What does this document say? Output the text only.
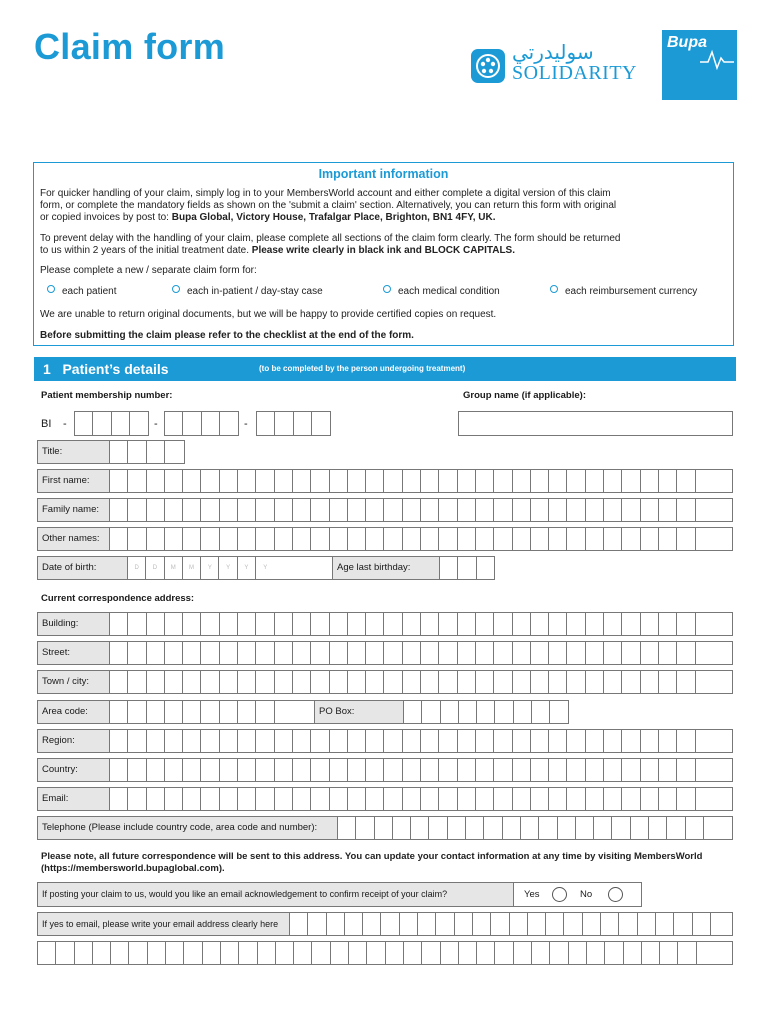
Claim form	سوليدرتي
SOLIDARITY
Bupa
Important information
For quicker handling of your claim, simply log in to your MembersWorld account and either complete a digital version of this claim
form, or complete the mandatory fields as shown on the 'submit a claim' section. Alternatively, you can return this form with original
or copied invoices by post to: Bupa Global, Victory House, Trafalgar Place, Brighton, BN1 4FY, UK.
To prevent delay with the handling of your claim, please complete all sections of the claim form clearly. The form should be returned
to us within 2 years of the initial treatment date. Please write clearly in black ink and BLOCK CAPITALS.
Please complete a new / separate claim form for:
each patient	each in-patient / day-stay case	each medical condition	each reimbursement currency
We are unable to return original documents, but we will be happy to provide certified copies on request.
Before submitting the claim please refer to the checklist at the end of the form.
1 Patient’s details	(to be completed by the person undergoing treatment)
Patient membership number:	Group name (if applicable):
BI -	-	-
Title:
First name:
Family name:
Other names:
Date of birth:	D	D	M	M	Y	Y	Y	Y	Age last birthday:
Current correspondence address:
Building:
Street:
Town / city:
Area code:	PO Box:
Region:
Country:
Email:
Telephone (Please include country code, area code and number):
Please note, all future correspondence will be sent to this address. You can update your contact information at any time by visiting MembersWorld (https://membersworld.bupaglobal.com).
If posting your claim to us, would you like an email acknowledgement to confirm receipt of your claim?	Yes	No
If yes to email, please write your email address clearly here
